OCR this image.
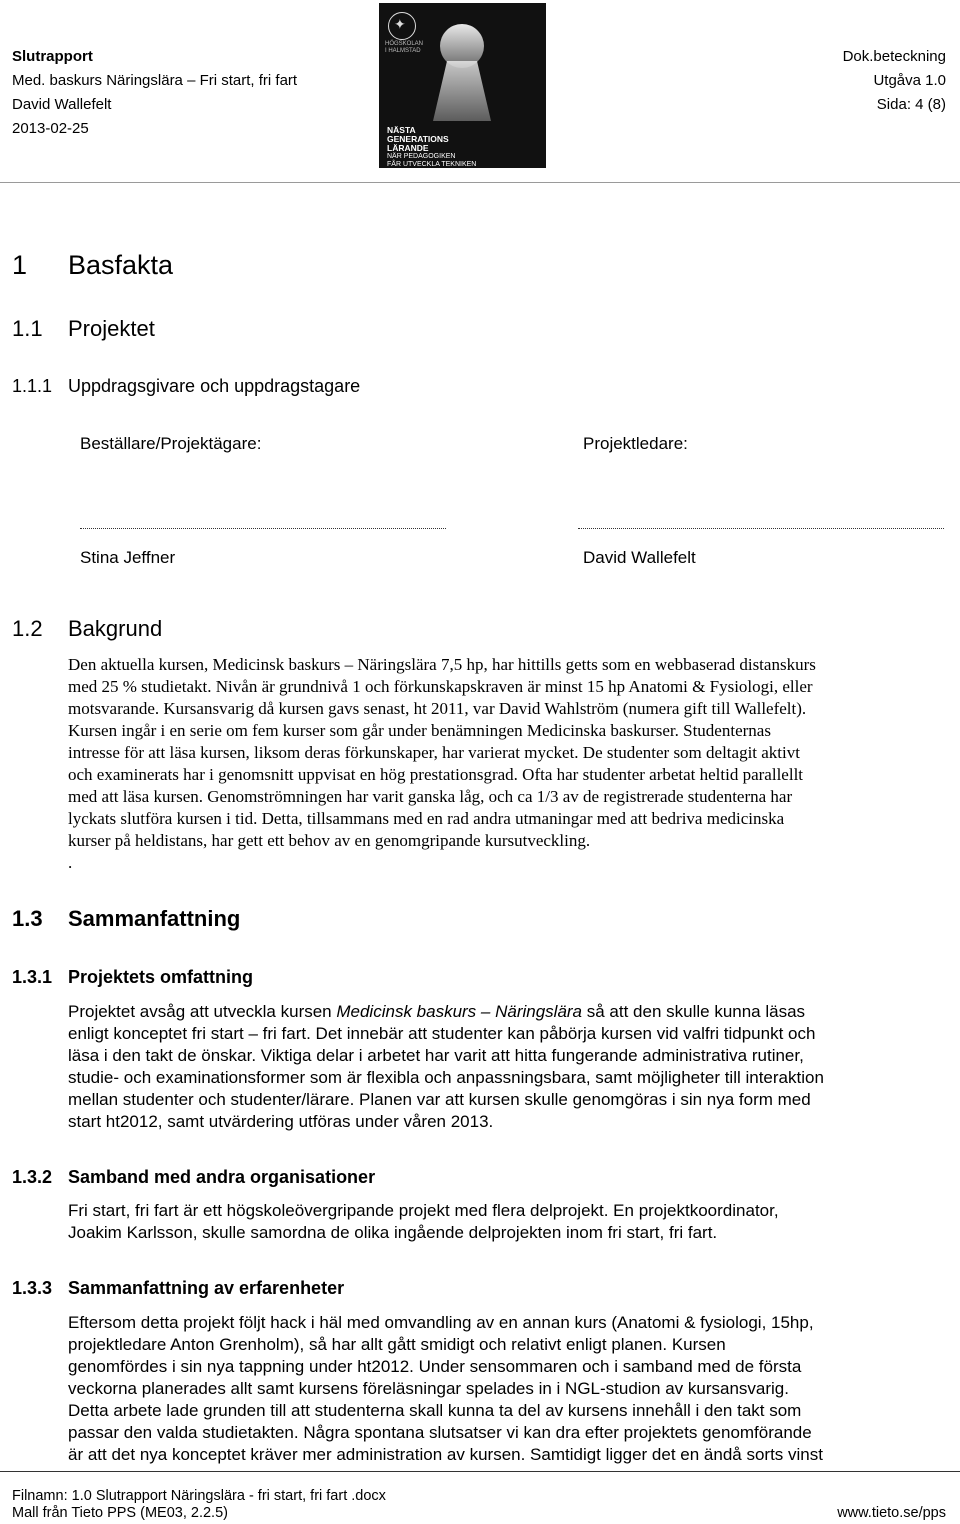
Slutrapport
Med. baskurs Näringslära – Fri start, fri fart
David Wallefelt
2013-02-25
Dok.beteckning
Utgåva 1.0
Sida: 4 (8)
✦
HÖGSKOLAN I HALMSTAD
NÄSTA
GENERATIONS
LÄRANDE
NÄR PEDAGOGIKEN
FÅR UTVECKLA TEKNIKEN
1 Basfakta
1.1 Projektet
1.1.1 Uppdragsgivare och uppdragstagare
Beställare/Projektägare:	Projektledare:
Stina Jeffner	David Wallefelt
1.2 Bakgrund
Den aktuella kursen, Medicinsk baskurs – Näringslära 7,5 hp, har hittills getts som en webbaserad distanskurs
med 25 % studietakt. Nivån är grundnivå 1 och förkunskapskraven är minst 15 hp Anatomi & Fysiologi, eller
motsvarande. Kursansvarig då kursen gavs senast, ht 2011, var David Wahlström (numera gift till Wallefelt).
Kursen ingår i en serie om fem kurser som går under benämningen Medicinska baskurser. Studenternas
intresse för att läsa kursen, liksom deras förkunskaper, har varierat mycket. De studenter som deltagit aktivt
och examinerats har i genomsnitt uppvisat en hög prestationsgrad. Ofta har studenter arbetat heltid parallellt
med att läsa kursen. Genomströmningen har varit ganska låg, och ca 1/3 av de registrerade studenterna har
lyckats slutföra kursen i tid. Detta, tillsammans med en rad andra utmaningar med att bedriva medicinska
kurser på heldistans, har gett ett behov av en genomgripande kursutveckling.
.
1.3 Sammanfattning
1.3.1 Projektets omfattning
Projektet avsåg att utveckla kursen Medicinsk baskurs – Näringslära så att den skulle kunna läsas
enligt konceptet fri start – fri fart. Det innebär att studenter kan påbörja kursen vid valfri tidpunkt och
läsa i den takt de önskar. Viktiga delar i arbetet har varit att hitta fungerande administrativa rutiner,
studie- och examinationsformer som är flexibla och anpassningsbara, samt möjligheter till interaktion
mellan studenter och studenter/lärare. Planen var att kursen skulle genomgöras i sin nya form med
start ht2012, samt utvärdering utföras under våren 2013.
1.3.2 Samband med andra organisationer
Fri start, fri fart är ett högskoleövergripande projekt med flera delprojekt. En projektkoordinator,
Joakim Karlsson, skulle samordna de olika ingående delprojekten inom fri start, fri fart.
1.3.3 Sammanfattning av erfarenheter
Eftersom detta projekt följt hack i häl med omvandling av en annan kurs (Anatomi & fysiologi, 15hp,
projektledare Anton Grenholm), så har allt gått smidigt och relativt enligt planen. Kursen
genomfördes i sin nya tappning under ht2012. Under sensommaren och i samband med de första
veckorna planerades allt samt kursens föreläsningar spelades in i NGL-studion av kursansvarig.
Detta arbete lade grunden till att studenterna skall kunna ta del av kursens innehåll i den takt som
passar den valda studietakten. Några spontana slutsatser vi kan dra efter projektets genomförande
är att det nya konceptet kräver mer administration av kursen. Samtidigt ligger det en ändå sorts vinst
Filnamn: 1.0 Slutrapport Näringslära - fri start, fri fart .docx
Mall från Tieto PPS (ME03, 2.2.5)	www.tieto.se/pps
